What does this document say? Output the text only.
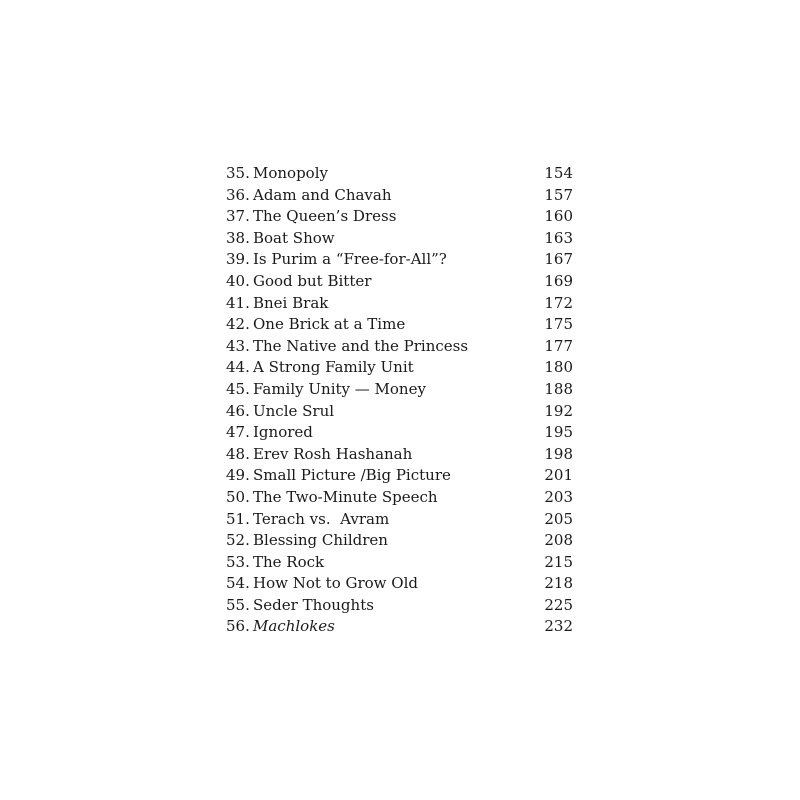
35. Monopoly	154
36. Adam and Chavah	157
37. The Queen’s Dress	160
38. Boat Show	163
39. Is Purim a “Free-for-All”?	167
40. Good but Bitter	169
41. Bnei Brak	172
42. One Brick at a Time	175
43. The Native and the Princess	177
44. A Strong Family Unit	180
45. Family Unity — Money	188
46. Uncle Srul	192
47. Ignored	195
48. Erev Rosh Hashanah	198
49. Small Picture /Big Picture	201
50. The Two-Minute Speech	203
51. Terach vs.  Avram	205
52. Blessing Children	208
53. The Rock	215
54. How Not to Grow Old	218
55. Seder Thoughts	225
56. Machlokes	232
